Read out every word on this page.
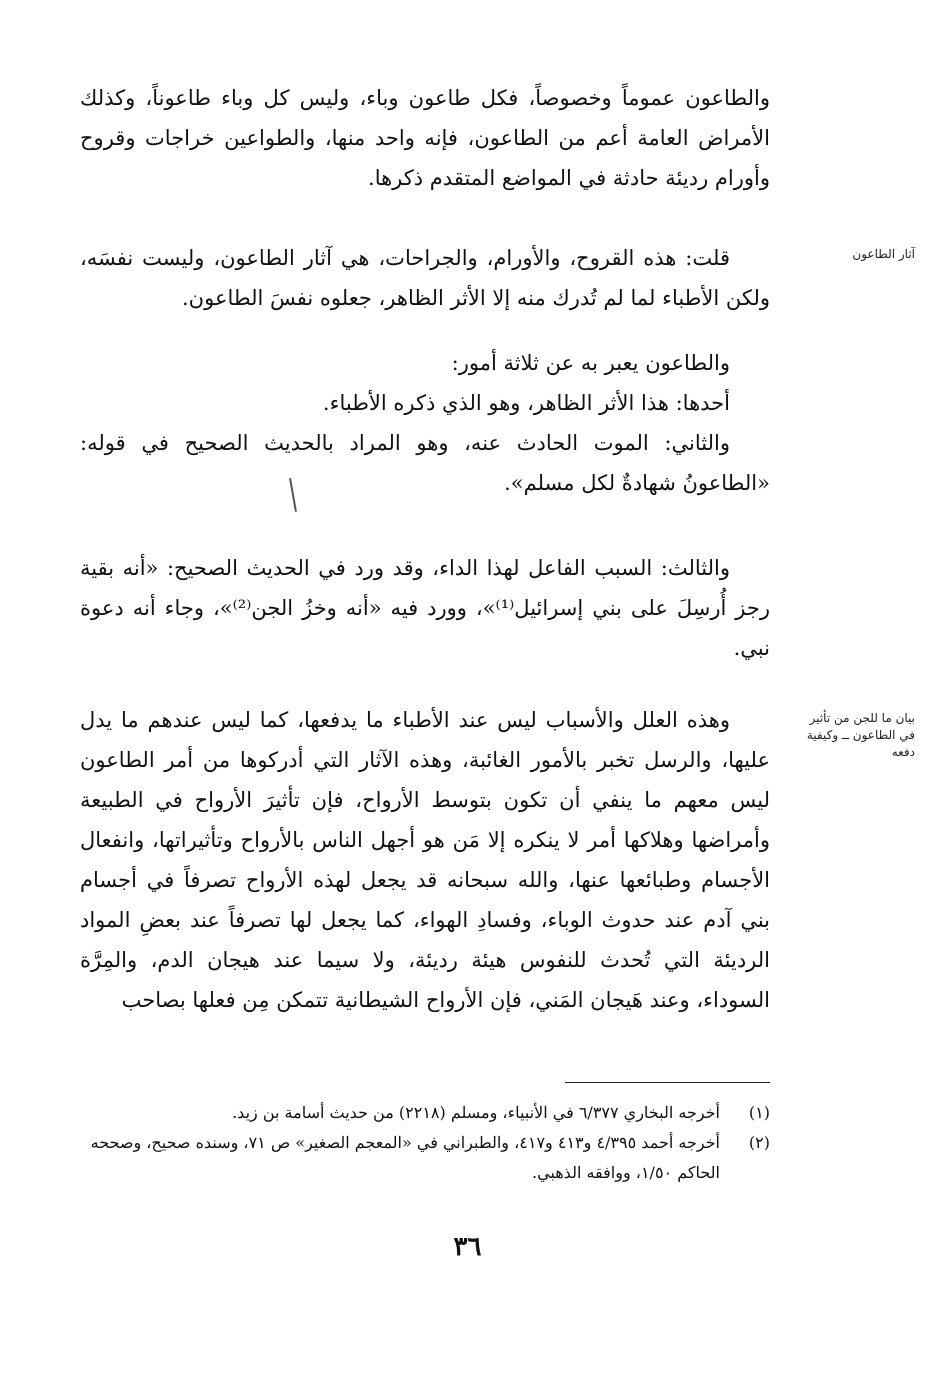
والطاعون عموماً وخصوصاً، فكل طاعون وباء، وليس كل وباء طاعوناً، وكذلك الأمراض العامة أعم من الطاعون، فإنه واحد منها، والطواعين خراجات وقروح وأورام رديئة حادثة في المواضع المتقدم ذكرها.

آثار الطاعون

قلت: هذه القروح، والأورام، والجراحات، هي آثار الطاعون، وليست نفسَه، ولكن الأطباء لما لم تُدرك منه إلا الأثر الظاهر، جعلوه نفسَ الطاعون.

والطاعون يعبر به عن ثلاثة أمور:

أحدها: هذا الأثر الظاهر، وهو الذي ذكره الأطباء.

والثاني: الموت الحادث عنه، وهو المراد بالحديث الصحيح في قوله: «الطاعونُ شهادةٌ لكل مسلم».

والثالث: السبب الفاعل لهذا الداء، وقد ورد في الحديث الصحيح: «أنه بقية رجز أُرسِلَ على بني إسرائيل⁽¹⁾»، وورد فيه «أنه وخزُ الجن⁽²⁾»، وجاء أنه دعوة نبي.

بيان ما للجن من تأثير في الطاعون ــ وكيفية دفعه

وهذه العلل والأسباب ليس عند الأطباء ما يدفعها، كما ليس عندهم ما يدل عليها، والرسل تخبر بالأمور الغائبة، وهذه الآثار التي أدركوها من أمر الطاعون ليس معهم ما ينفي أن تكون بتوسط الأرواح، فإن تأثيرَ الأرواح في الطبيعة وأمراضها وهلاكها أمر لا ينكره إلا مَن هو أجهل الناس بالأرواح وتأثيراتها، وانفعال الأجسام وطبائعها عنها، والله سبحانه قد يجعل لهذه الأرواح تصرفاً في أجسام بني آدم عند حدوث الوباء، وفسادِ الهواء، كما يجعل لها تصرفاً عند بعضِ المواد الرديئة التي تُحدث للنفوس هيئة رديئة، ولا سيما عند هيجان الدم، والمِرَّة السوداء، وعند هَيجان المَني، فإن الأرواح الشيطانية تتمكن مِن فعلها بصاحب

(١)
أخرجه البخاري ٦/٣٧٧ في الأنبياء، ومسلم (٢٢١٨) من حديث أسامة بن زيد.
(٢)
أخرجه أحمد ٤/٣٩٥ و٤١٣ و٤١٧، والطبراني في «المعجم الصغير» ص ٧١، وسنده صحيح، وصححه الحاكم ١/٥٠، ووافقه الذهبي.
٣٦
